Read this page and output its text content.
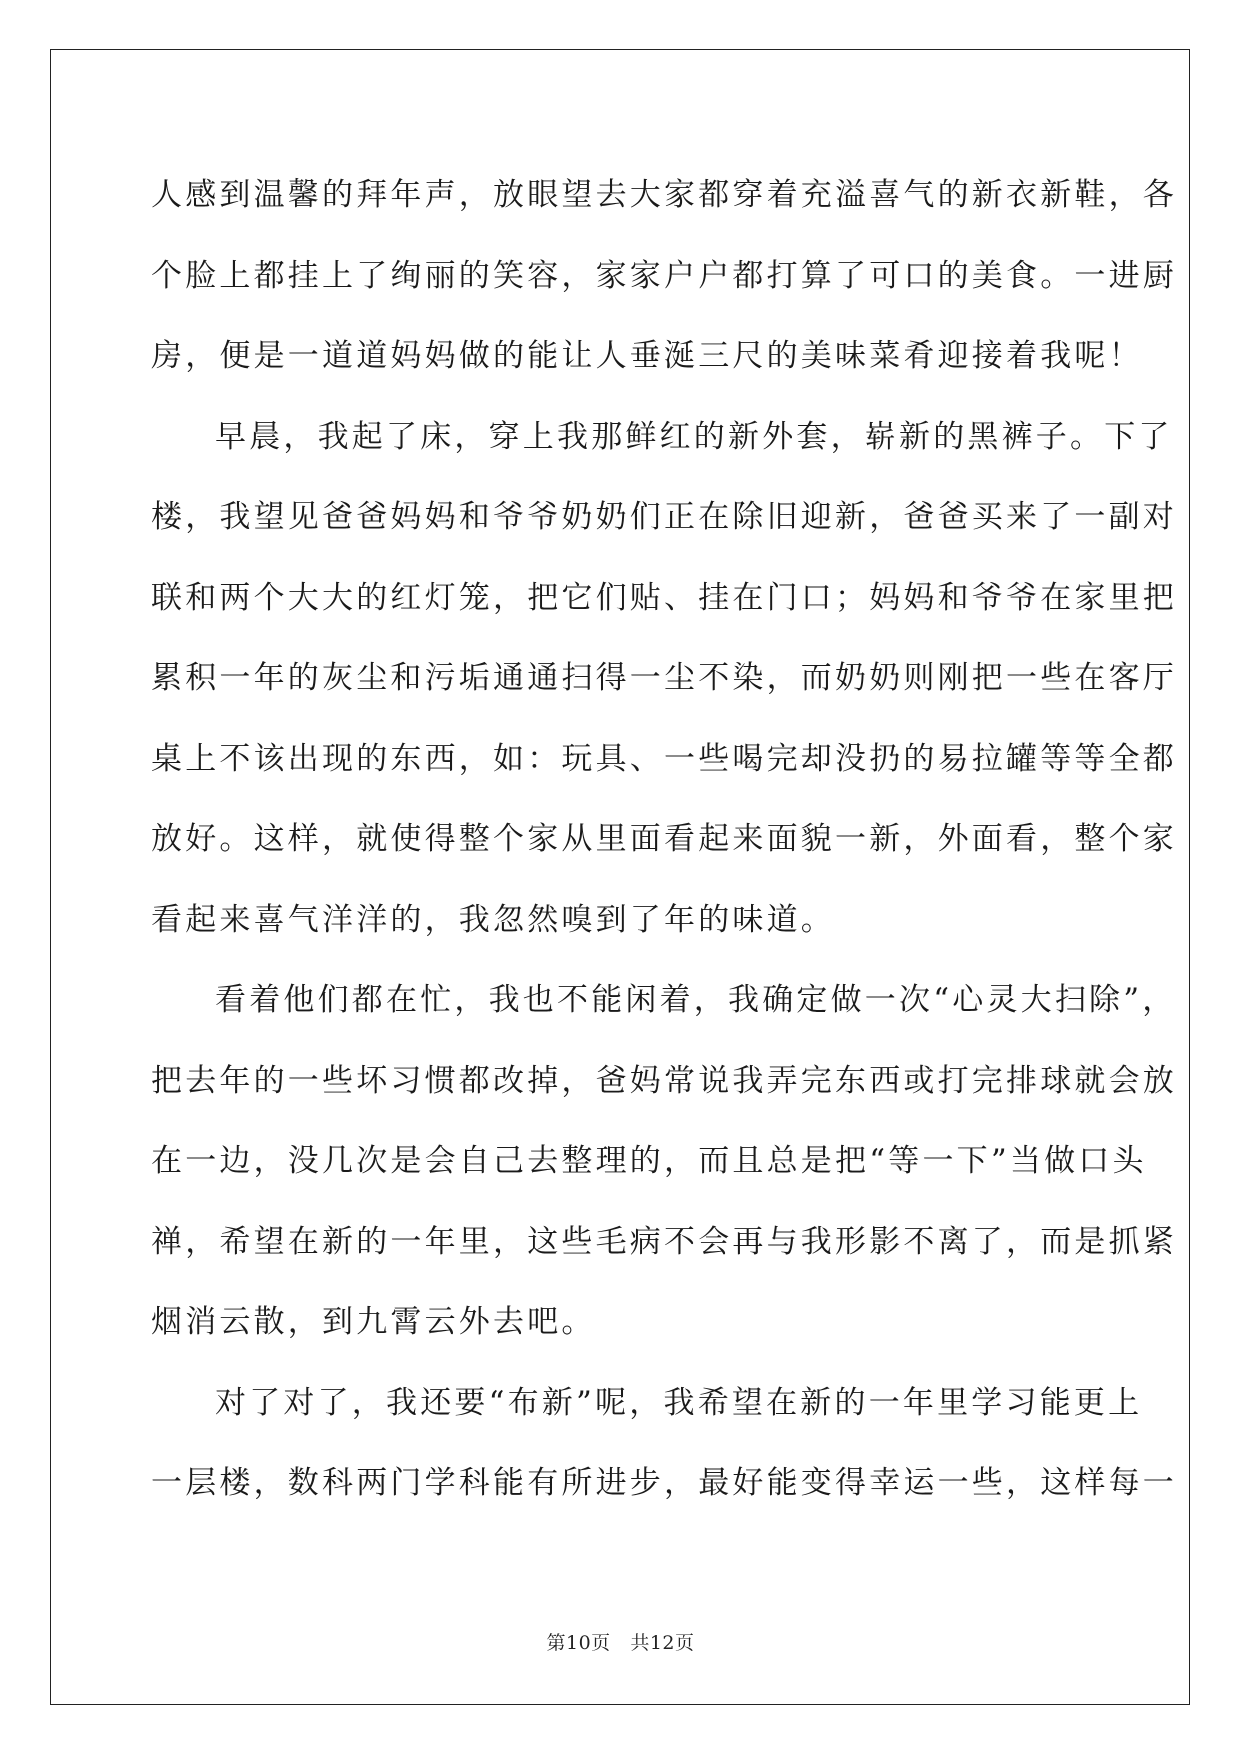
人感到温馨的拜年声，放眼望去大家都穿着充溢喜气的新衣新鞋，各
个脸上都挂上了绚丽的笑容，家家户户都打算了可口的美食。一进厨
房，便是一道道妈妈做的能让人垂涎三尺的美味菜肴迎接着我呢！
早晨，我起了床，穿上我那鲜红的新外套，崭新的黑裤子。下了
楼，我望见爸爸妈妈和爷爷奶奶们正在除旧迎新，爸爸买来了一副对
联和两个大大的红灯笼，把它们贴、挂在门口；妈妈和爷爷在家里把
累积一年的灰尘和污垢通通扫得一尘不染，而奶奶则刚把一些在客厅
桌上不该出现的东西，如：玩具、一些喝完却没扔的易拉罐等等全都
放好。这样，就使得整个家从里面看起来面貌一新，外面看，整个家
看起来喜气洋洋的，我忽然嗅到了年的味道。
看着他们都在忙，我也不能闲着，我确定做一次“心灵大扫除”，
把去年的一些坏习惯都改掉，爸妈常说我弄完东西或打完排球就会放
在一边，没几次是会自己去整理的，而且总是把“等一下”当做口头
禅，希望在新的一年里，这些毛病不会再与我形影不离了，而是抓紧
烟消云散，到九霄云外去吧。
对了对了，我还要“布新”呢，我希望在新的一年里学习能更上
一层楼，数科两门学科能有所进步，最好能变得幸运一些，这样每一
第10页 共12页
